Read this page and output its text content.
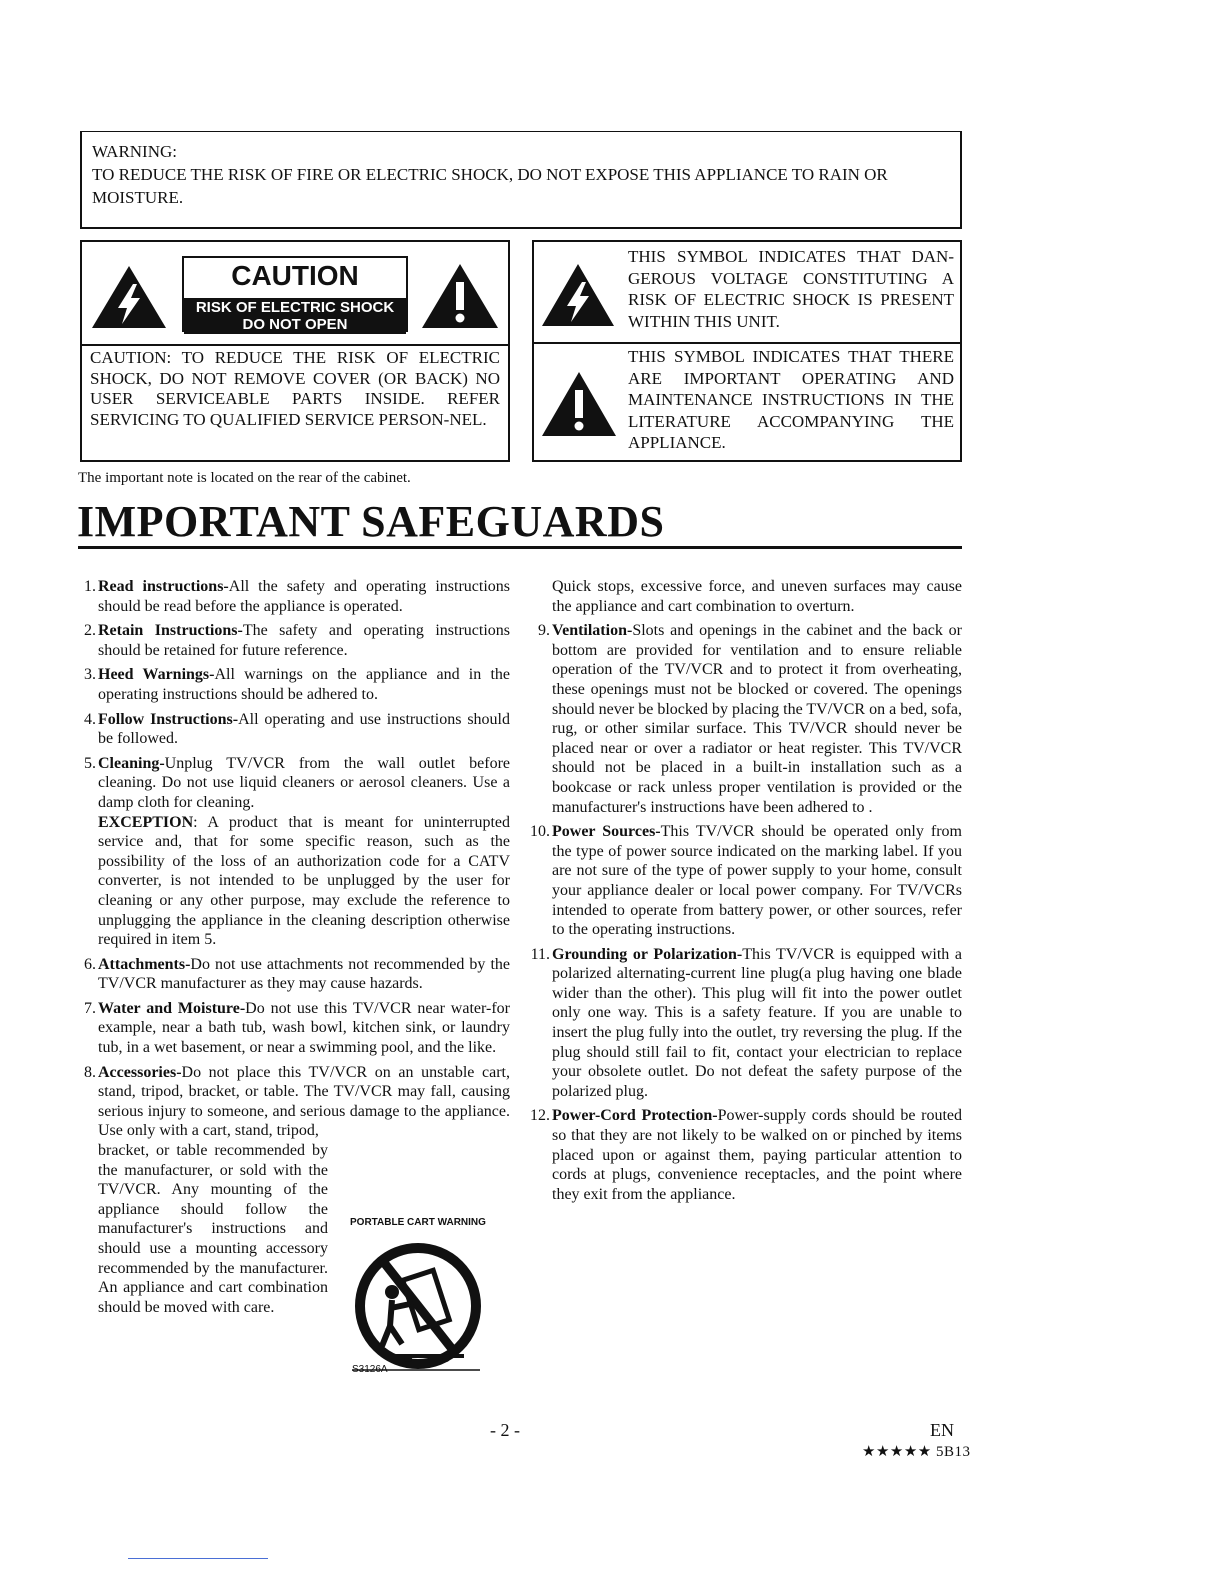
WARNING:
TO REDUCE THE RISK OF FIRE OR ELECTRIC SHOCK, DO NOT EXPOSE THIS APPLIANCE TO RAIN OR MOISTURE.
CAUTION
RISK OF ELECTRIC SHOCK
DO NOT OPEN
CAUTION: TO REDUCE THE RISK OF ELECTRIC SHOCK, DO NOT REMOVE COVER (OR BACK) NO USER SERVICEABLE PARTS INSIDE. REFER SERVICING TO QUALIFIED SERVICE PERSON-NEL.
THIS SYMBOL INDICATES THAT DAN-GEROUS VOLTAGE CONSTITUTING A RISK OF ELECTRIC SHOCK IS PRESENT WITHIN THIS UNIT.
THIS SYMBOL INDICATES THAT THERE ARE IMPORTANT OPERATING AND MAINTENANCE INSTRUCTIONS IN THE LITERATURE ACCOMPANYING THE APPLIANCE.
The important note is located on the rear of the cabinet.
IMPORTANT SAFEGUARDS
1. Read instructions-All the safety and operating instructions should be read before the appliance is operated.
2. Retain Instructions-The safety and operating instructions should be retained for future reference.
3. Heed Warnings-All warnings on the appliance and in the operating instructions should be adhered to.
4. Follow Instructions-All operating and use instructions should be followed.
5. Cleaning-Unplug TV/VCR from the wall outlet before cleaning. Do not use liquid cleaners or aerosol cleaners. Use a damp cloth for cleaning.
EXCEPTION: A product that is meant for uninterrupted service and, that for some specific reason, such as the possibility of the loss of an authorization code for a CATV converter, is not intended to be unplugged by the user for cleaning or any other purpose, may exclude the reference to unplugging the appliance in the cleaning description otherwise required in item 5.
6. Attachments-Do not use attachments not recommended by the TV/VCR manufacturer as they may cause hazards.
7. Water and Moisture-Do not use this TV/VCR near water-for example, near a bath tub, wash bowl, kitchen sink, or laundry tub, in a wet basement, or near a swimming pool, and the like.
8. Accessories-Do not place this TV/VCR on an unstable cart, stand, tripod, bracket, or table. The TV/VCR may fall, causing serious injury to someone, and serious damage to the appliance. Use only with a cart, stand, tripod,
bracket, or table recommended by the manufacturer, or sold with the TV/VCR. Any mounting of the appliance should follow the manufacturer's instructions and should use a mounting accessory recommended by the manufacturer. An appliance and cart combination should be moved with care.
PORTABLE CART WARNING
S3126A
Quick stops, excessive force, and uneven surfaces may cause the appliance and cart combination to overturn.
9. Ventilation-Slots and openings in the cabinet and the back or bottom are provided for ventilation and to ensure reliable operation of the TV/VCR and to protect it from overheating, these openings must not be blocked or covered. The openings should never be blocked by placing the TV/VCR on a bed, sofa, rug, or other similar surface. This TV/VCR should never be placed near or over a radiator or heat register. This TV/VCR should not be placed in a built-in installation such as a bookcase or rack unless proper ventilation is provided or the manufacturer's instructions have been adhered to .
10. Power Sources-This TV/VCR should be operated only from the type of power source indicated on the marking label. If you are not sure of the type of power supply to your home, consult your appliance dealer or local power company. For TV/VCRs intended to operate from battery power, or other sources, refer to the operating instructions.
11. Grounding or Polarization-This TV/VCR is equipped with a polarized alternating-current line plug(a plug having one blade wider than the other). This plug will fit into the power outlet only one way. This is a safety feature. If you are unable to insert the plug fully into the outlet, try reversing the plug. If the plug should still fail to fit, contact your electrician to replace your obsolete outlet. Do not defeat the safety purpose of the polarized plug.
12. Power-Cord Protection-Power-supply cords should be routed so that they are not likely to be walked on or pinched by items placed upon or against them, paying particular attention to cords at plugs, convenience receptacles, and the point where they exit from the appliance.
- 2 -	EN
★★★★★ 5B13
